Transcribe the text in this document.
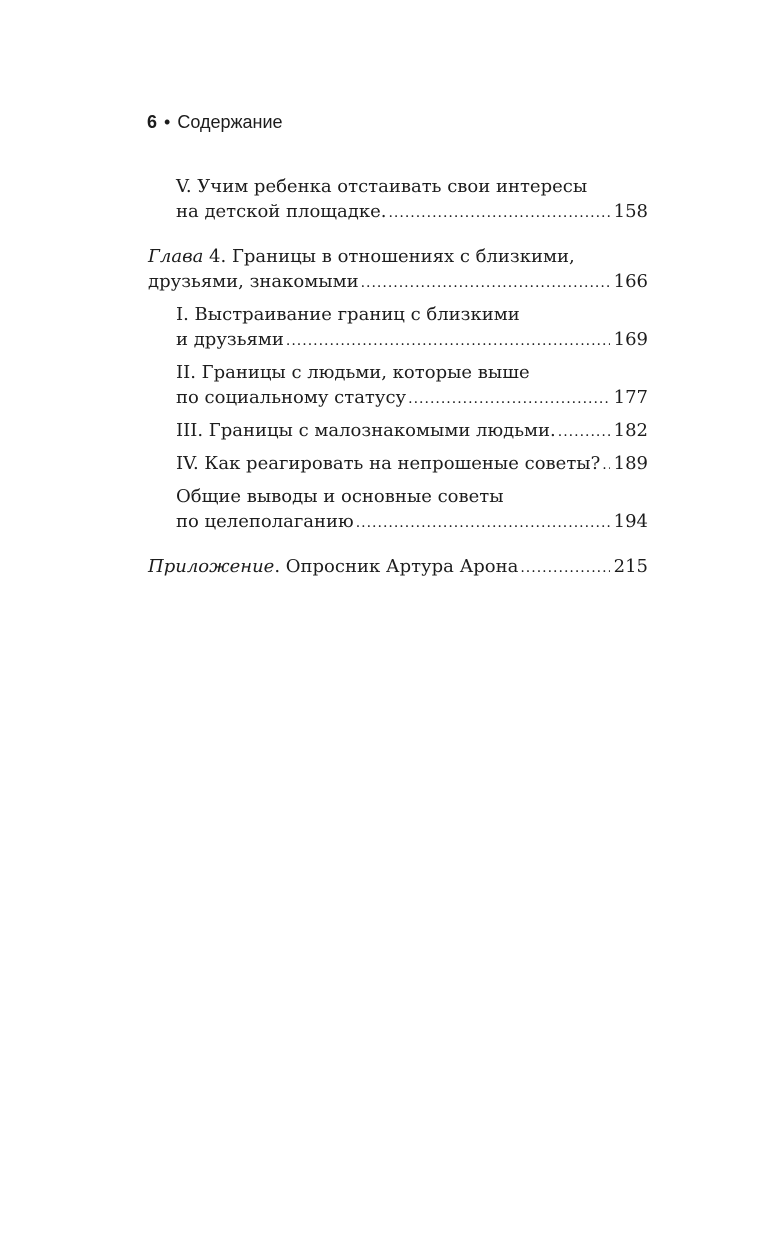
6 • Содержание
V. Учим ребенка отстаивать свои интересы
на детской площадке. .....	158
Глава 4. Границы в отношениях с близкими,
друзьями, знакомыми .....	166
I. Выстраивание границ с близкими
и друзьями .....	169
II. Границы с людьми, которые выше
по социальному статусу .....	177
III. Границы с малознакомыми людьми. .....	182
IV. Как реагировать на непрошеные советы? ..... 189
Общие выводы и основные советы
по целеполаганию .....	194
Приложение. Опросник Артура Арона .....	215
